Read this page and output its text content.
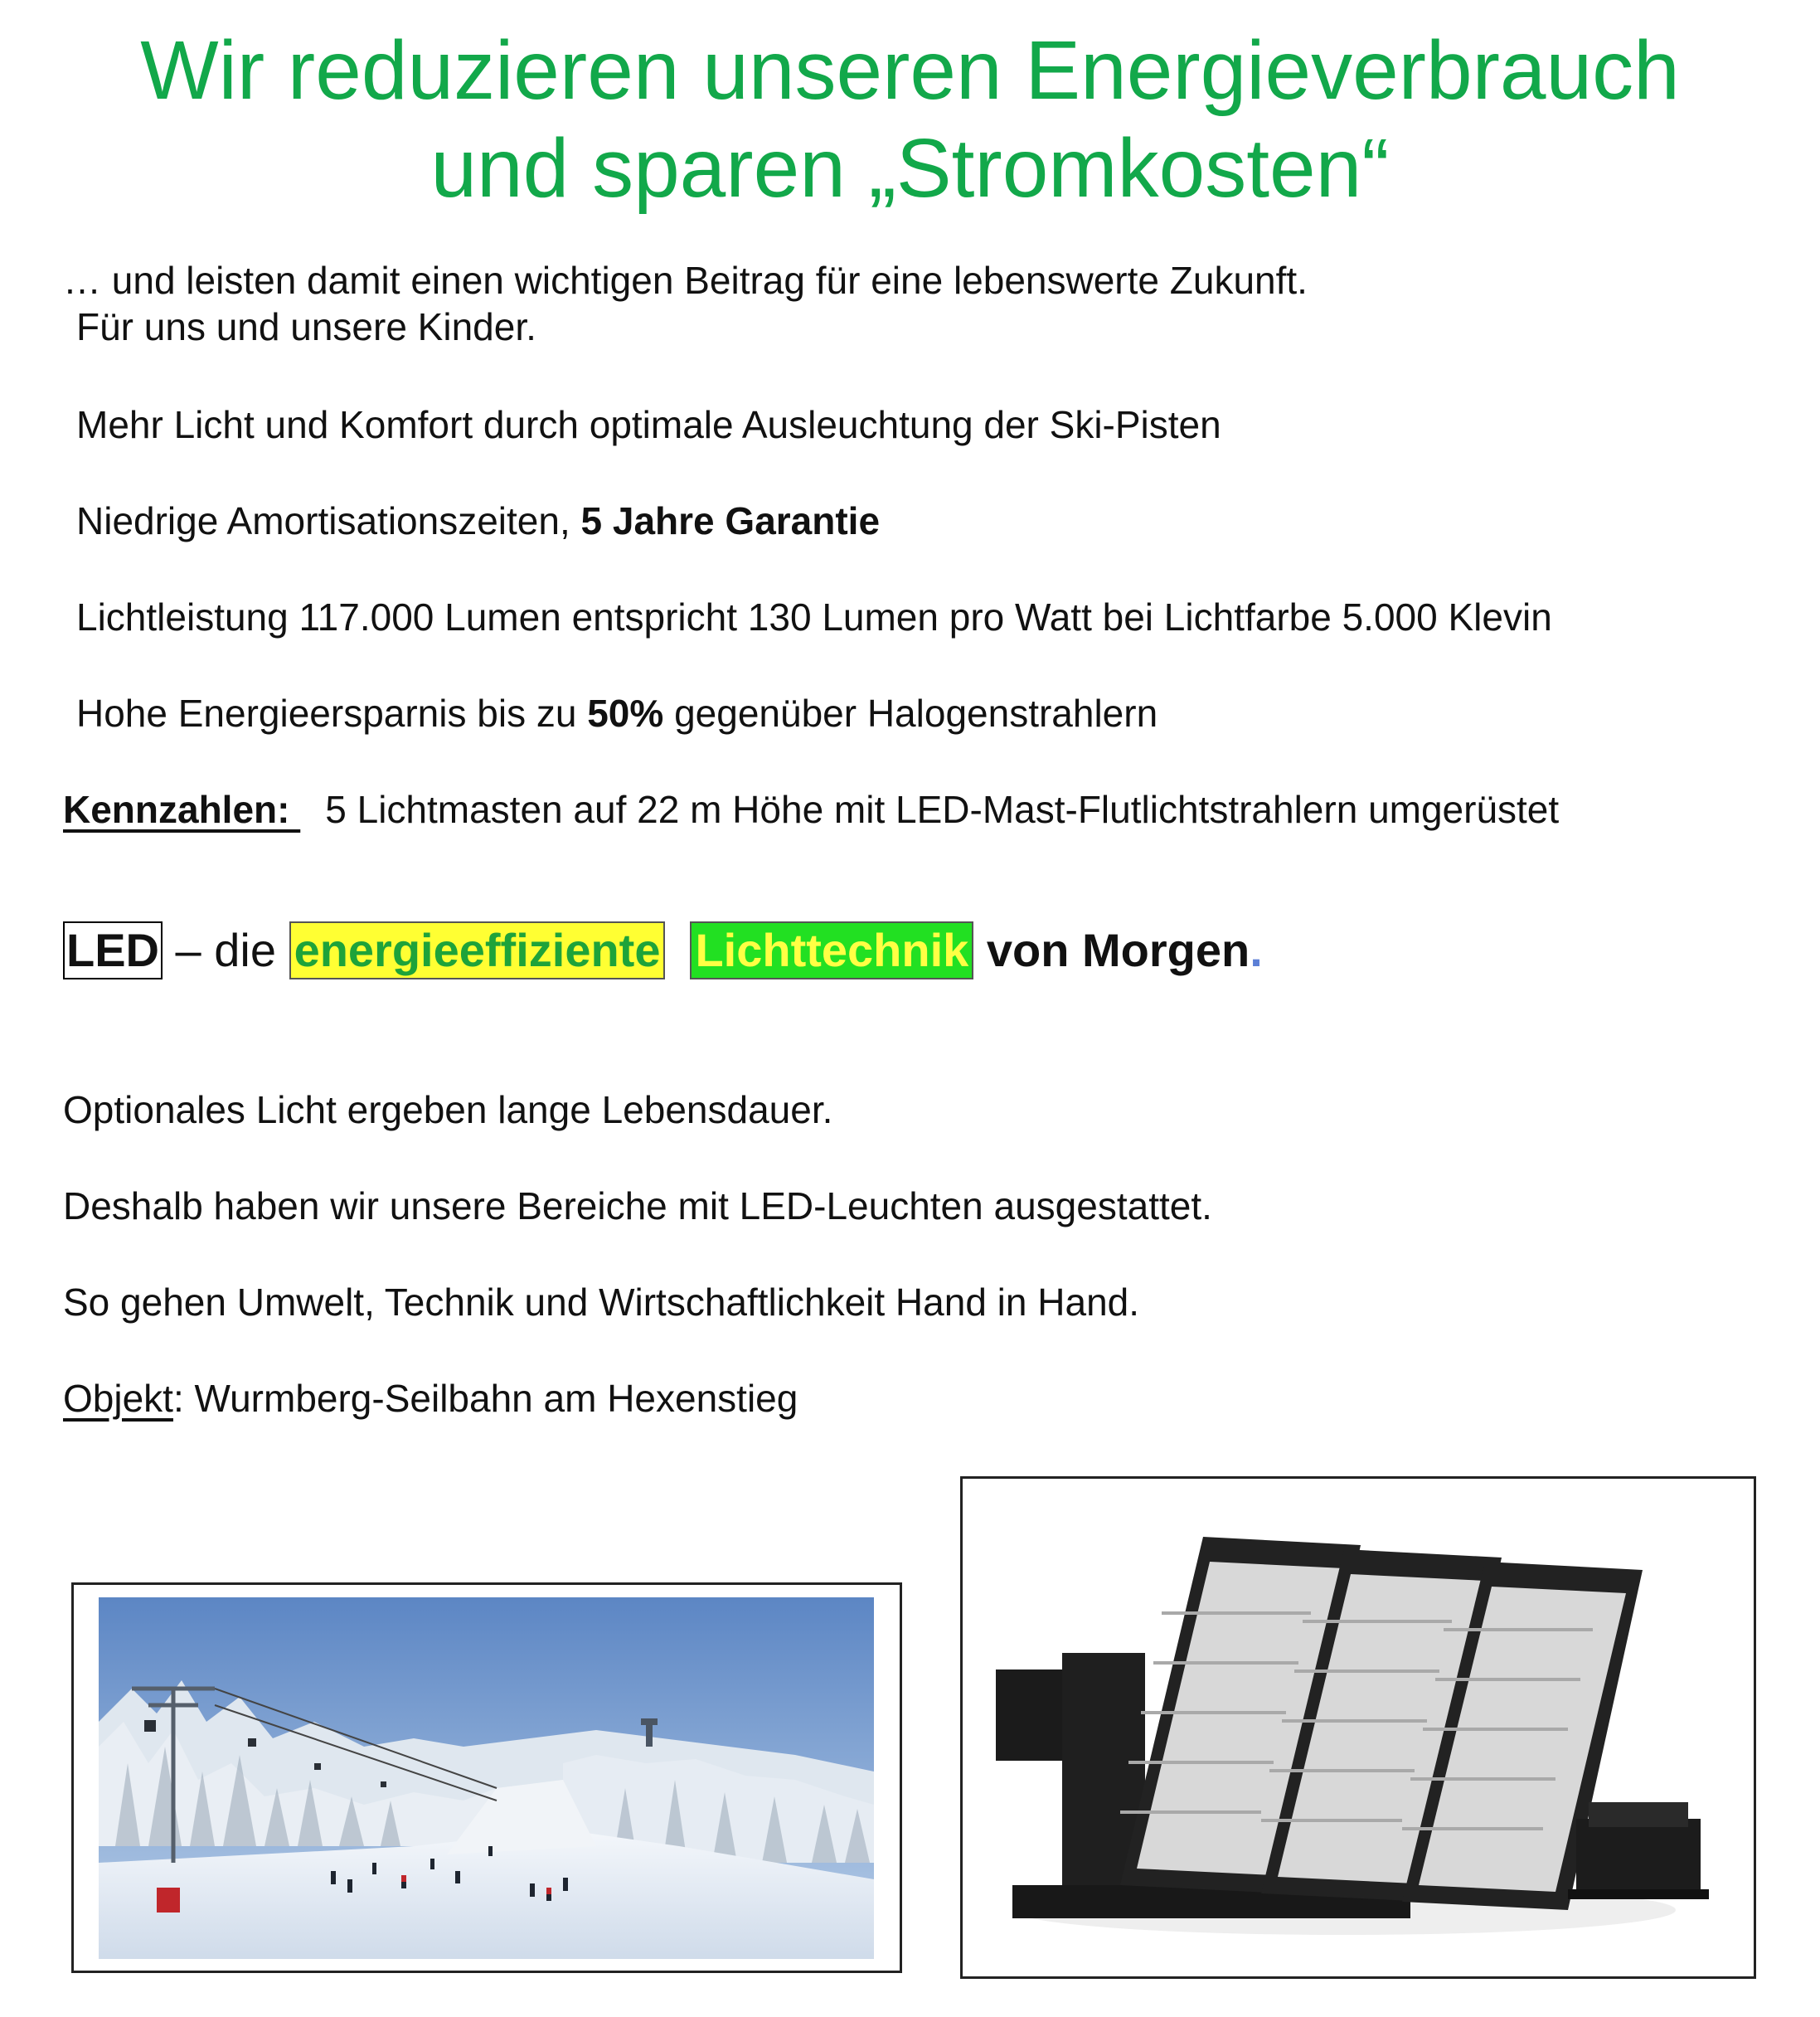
Wir reduzieren unseren Energieverbrauch
und sparen „Stromkosten“
… und leisten damit einen wichtigen Beitrag für eine lebenswerte Zukunft.
Für uns und unsere Kinder.
Mehr Licht und Komfort durch optimale Ausleuchtung der Ski-Pisten
Niedrige Amortisationszeiten, 5 Jahre Garantie
Lichtleistung 117.000 Lumen entspricht 130 Lumen pro Watt bei Lichtfarbe 5.000 Klevin
Hohe Energieersparnis bis zu 50% gegenüber Halogenstrahlern
Kennzahlen: 5 Lichtmasten auf 22 m Höhe mit LED-Mast-Flutlichtstrahlern umgerüstet
LED – die energieeffiziente Lichttechnik von Morgen .
Optionales Licht ergeben lange Lebensdauer.
Deshalb haben wir unsere Bereiche mit LED-Leuchten ausgestattet.
So gehen Umwelt, Technik und Wirtschaftlichkeit Hand in Hand.
Objekt: Wurmberg-Seilbahn am Hexenstieg
